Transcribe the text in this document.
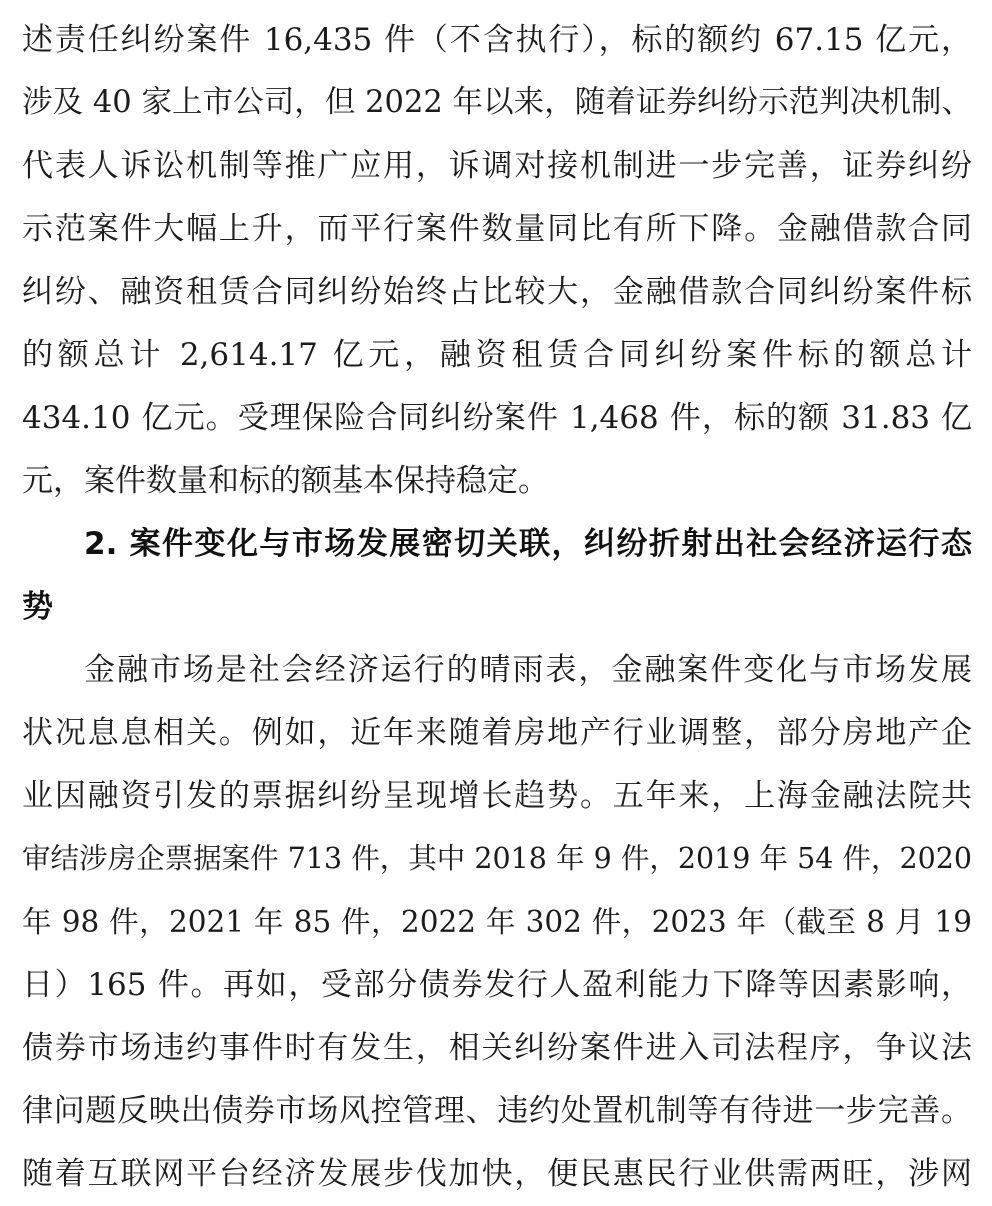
述责任纠纷案件 16,435 件（不含执行），标的额约 67.15 亿元，
涉及 40 家上市公司，但 2022 年以来，随着证券纠纷示范判决机制、
代表人诉讼机制等推广应用，诉调对接机制进一步完善，证券纠纷
示范案件大幅上升，而平行案件数量同比有所下降。金融借款合同
纠纷、融资租赁合同纠纷始终占比较大，金融借款合同纠纷案件标
的额总计 2,614.17 亿元，融资租赁合同纠纷案件标的额总计
434.10 亿元。受理保险合同纠纷案件 1,468 件，标的额 31.83 亿
元，案件数量和标的额基本保持稳定。
2. 案件变化与市场发展密切关联，纠纷折射出社会经济运行态
势
金融市场是社会经济运行的晴雨表，金融案件变化与市场发展
状况息息相关。例如，近年来随着房地产行业调整，部分房地产企
业因融资引发的票据纠纷呈现增长趋势。五年来，上海金融法院共
审结涉房企票据案件 713 件，其中 2018 年 9 件，2019 年 54 件，2020
年 98 件，2021 年 85 件，2022 年 302 件，2023 年（截至 8 月 19
日）165 件。再如，受部分债券发行人盈利能力下降等因素影响，
债券市场违约事件时有发生，相关纠纷案件进入司法程序，争议法
律问题反映出债券市场风控管理、违约处置机制等有待进一步完善。
随着互联网平台经济发展步伐加快，便民惠民行业供需两旺，涉网
